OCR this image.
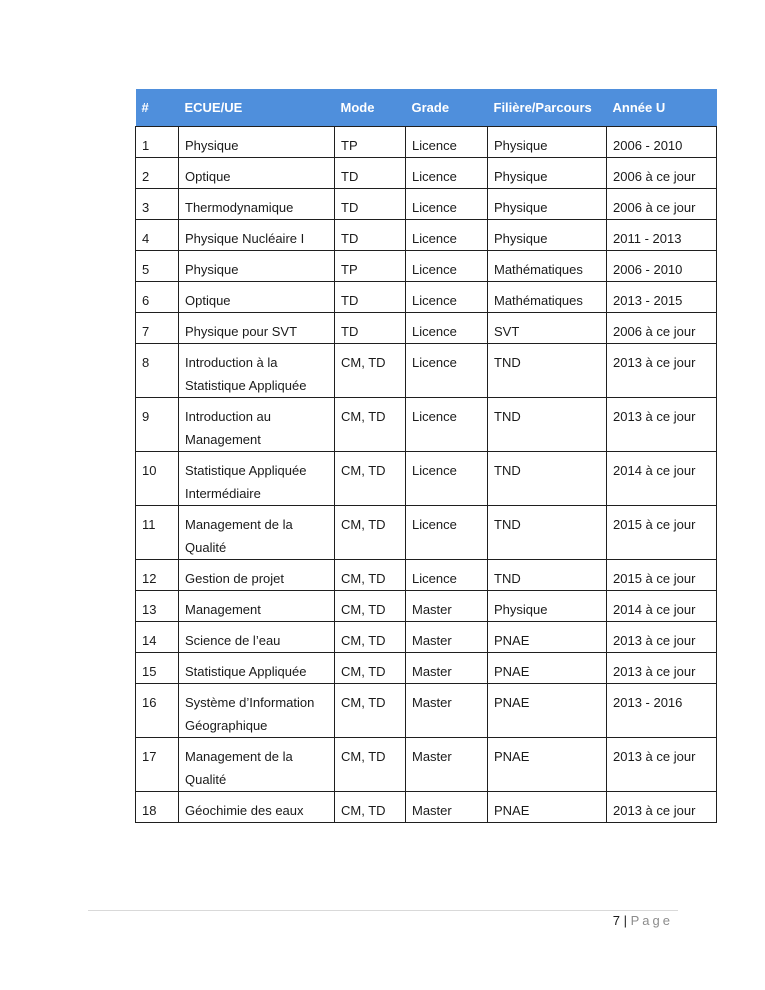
#	ECUE/UE	Mode	Grade	Filière/Parcours	Année U
1	Physique	TP	Licence	Physique	2006 - 2010
2	Optique	TD	Licence	Physique	2006 à ce jour
3	Thermodynamique	TD	Licence	Physique	2006 à ce jour
4	Physique Nucléaire I	TD	Licence	Physique	2011 - 2013
5	Physique	TP	Licence	Mathématiques	2006 - 2010
6	Optique	TD	Licence	Mathématiques	2013 - 2015
7	Physique pour SVT	TD	Licence	SVT	2006 à ce jour
8	Introduction à la Statistique Appliquée	CM, TD	Licence	TND	2013 à ce jour
9	Introduction au Management	CM, TD	Licence	TND	2013 à ce jour
10	Statistique Appliquée Intermédiaire	CM, TD	Licence	TND	2014 à ce jour
11	Management de la Qualité	CM, TD	Licence	TND	2015 à ce jour
12	Gestion de projet	CM, TD	Licence	TND	2015 à ce jour
13	Management	CM, TD	Master	Physique	2014 à ce jour
14	Science de l’eau	CM, TD	Master	PNAE	2013 à ce jour
15	Statistique Appliquée	CM, TD	Master	PNAE	2013 à ce jour
16	Système d’Information Géographique	CM, TD	Master	PNAE	2013 - 2016
17	Management de la Qualité	CM, TD	Master	PNAE	2013 à ce jour
18	Géochimie des eaux	CM, TD	Master	PNAE	2013 à ce jour
7 | Page
